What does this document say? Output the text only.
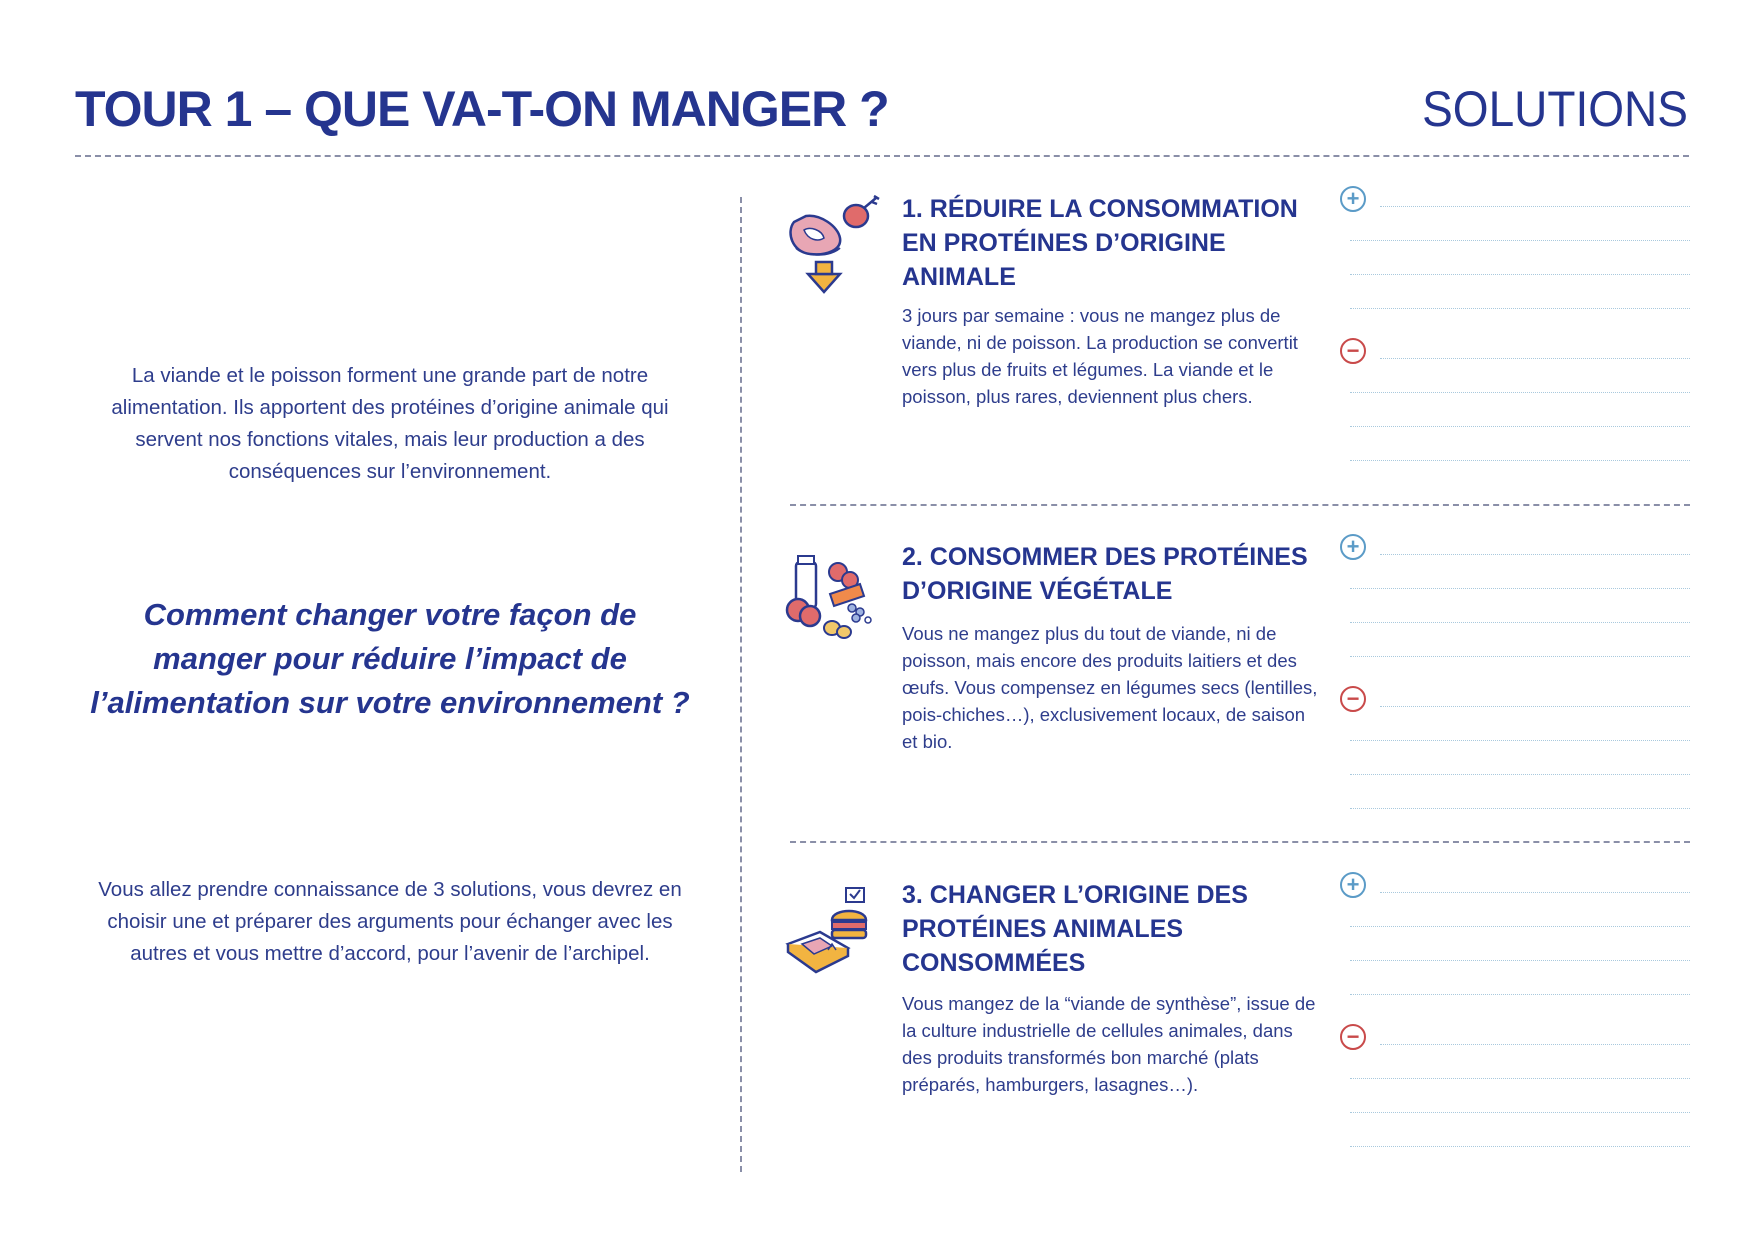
TOUR 1 – QUE VA-T-ON MANGER ?	SOLUTIONS
La viande et le poisson forment une grande part de notre alimentation. Ils apportent des protéines d’origine animale qui servent nos fonctions vitales, mais leur production a des conséquences sur l’environnement.
Comment changer votre façon de manger pour réduire l’impact de l’alimentation sur votre environnement ?
Vous allez prendre connaissance de 3 solutions, vous devrez en choisir une et préparer des arguments pour échanger avec les autres et vous mettre d’accord, pour l’avenir de l’archipel.
1. RÉDUIRE LA CONSOMMATION EN PROTÉINES D’ORIGINE ANIMALE
3 jours par semaine : vous ne mangez plus de viande, ni de poisson. La production se convertit vers plus de fruits et légumes. La viande et le poisson, plus rares, deviennent plus chers.
+
−
2. CONSOMMER DES PROTÉINES D’ORIGINE VÉGÉTALE
Vous ne mangez plus du tout de viande, ni de poisson, mais encore des produits laitiers et des œufs. Vous compensez en légumes secs (lentilles, pois-chiches…), exclusivement locaux, de saison et bio.
+
−
3. CHANGER L’ORIGINE DES PROTÉINES ANIMALES CONSOMMÉES
Vous mangez de la “viande de synthèse”, issue de la culture industrielle de cellules animales, dans des produits transformés bon marché (plats préparés, hamburgers, lasagnes…).
+
−
